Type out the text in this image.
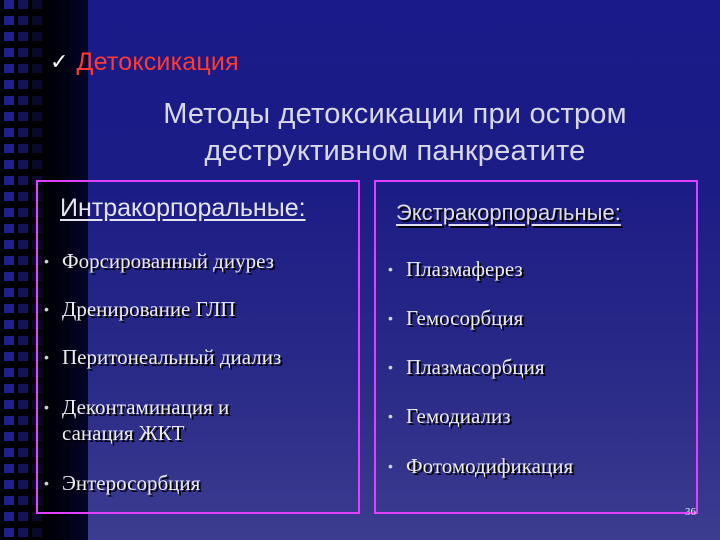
✓ Детоксикация
Методы детоксикации при остром
деструктивном панкреатите
Интракорпоральные:	Экстракорпоральные:
• Форсированный диурез
• Дренирование ГЛП
• Перитонеальный диализ
• Деконтаминация и
санация ЖКТ
• Энтеросорбция
• Плазмаферез
• Гемосорбция
• Плазмасорбция
• Гемодиализ
• Фотомодификация
36
